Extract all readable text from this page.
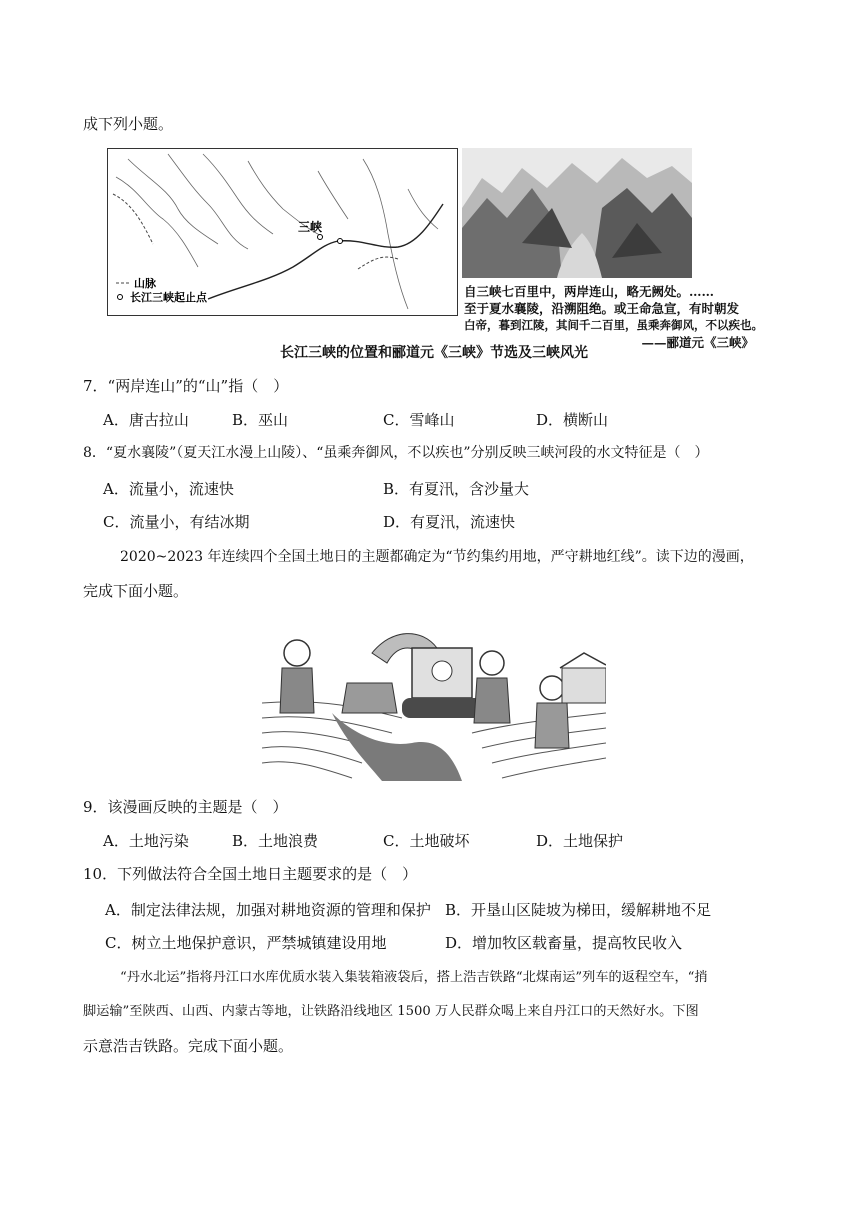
成下列小题。
三峡
山脉
长江三峡起止点	自三峡七百里中，两岸连山，略无阙处。……
至于夏水襄陵，沿溯阻绝。或王命急宣，有时朝发
白帝，暮到江陵，其间千二百里，虽乘奔御风，不以疾也。
——郦道元《三峡》
长江三峡的位置和郦道元《三峡》节选及三峡风光
7．“两岸连山”的“山”指（　）
A．唐古拉山	B．巫山	C．雪峰山	D．横断山
8．“夏水襄陵”（夏天江水漫上山陵）、“虽乘奔御风，不以疾也”分别反映三峡河段的水文特征是（　）
A．流量小，流速快	B．有夏汛，含沙量大
C．流量小，有结冰期	D．有夏汛，流速快
2020~2023 年连续四个全国土地日的主题都确定为“节约集约用地，严守耕地红线”。读下边的漫画，
完成下面小题。
9．该漫画反映的主题是（　）
A．土地污染	B．土地浪费	C．土地破坏	D．土地保护
10．下列做法符合全国土地日主题要求的是（　）
A．制定法律法规，加强对耕地资源的管理和保护 B．开垦山区陡坡为梯田，缓解耕地不足
C．树立土地保护意识，严禁城镇建设用地	D．增加牧区载畜量，提高牧民收入
“丹水北运”指将丹江口水库优质水装入集装箱液袋后，搭上浩吉铁路“北煤南运”列车的返程空车，“捎
脚运输”至陕西、山西、内蒙古等地，让铁路沿线地区 1500 万人民群众喝上来自丹江口的天然好水。下图
示意浩吉铁路。完成下面小题。
